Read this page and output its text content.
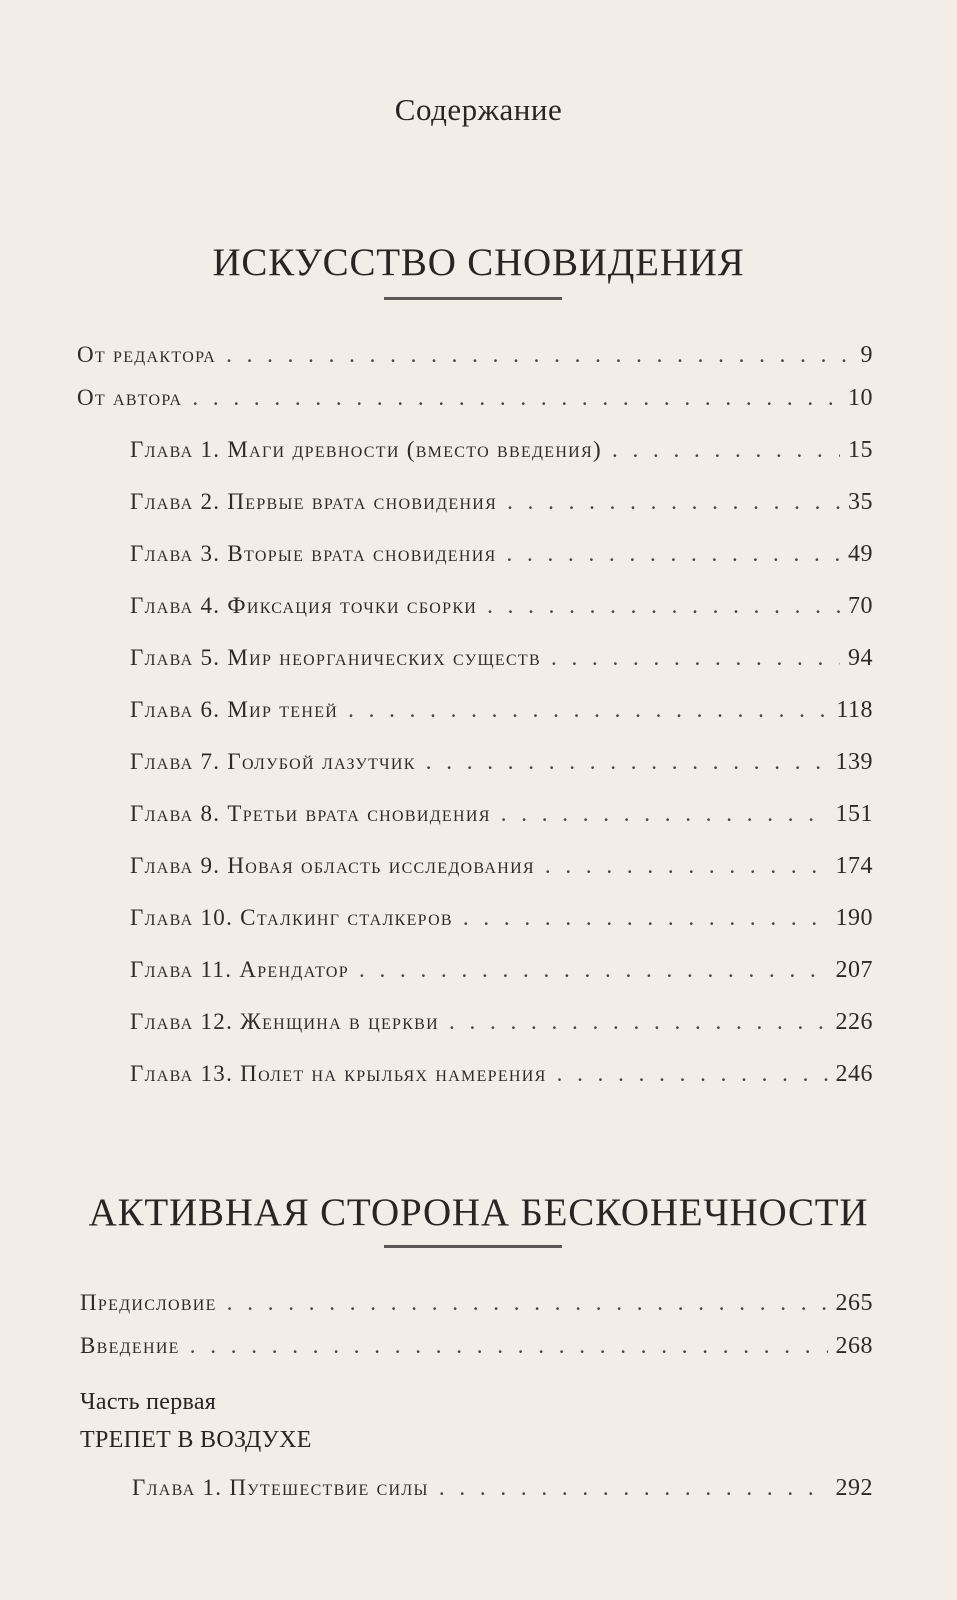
Содержание
ИСКУССТВО СНОВИДЕНИЯ
От редактора . . .	9
От автора . . .	10
Глава 1. Маги древности (вместо введения) . . .	15
Глава 2. Первые врата сновидения . . .	35
Глава 3. Вторые врата сновидения . . .	49
Глава 4. Фиксация точки сборки . . .	70
Глава 5. Мир неорганических существ . . .	94
Глава 6. Мир теней . . .	118
Глава 7. Голубой лазутчик . . .	139
Глава 8. Третьи врата сновидения . . .	151
Глава 9. Новая область исследования . . .	174
Глава 10. Сталкинг сталкеров . . .	190
Глава 11. Арендатор . . .	207
Глава 12. Женщина в церкви . . .	226
Глава 13. Полет на крыльях намерения . . .	246
АКТИВНАЯ СТОРОНА БЕСКОНЕЧНОСТИ
Предисловие . . .	265
Введение . . .	268
Часть первая
ТРЕПЕТ В ВОЗДУХЕ
Глава 1. Путешествие силы . . .	292
